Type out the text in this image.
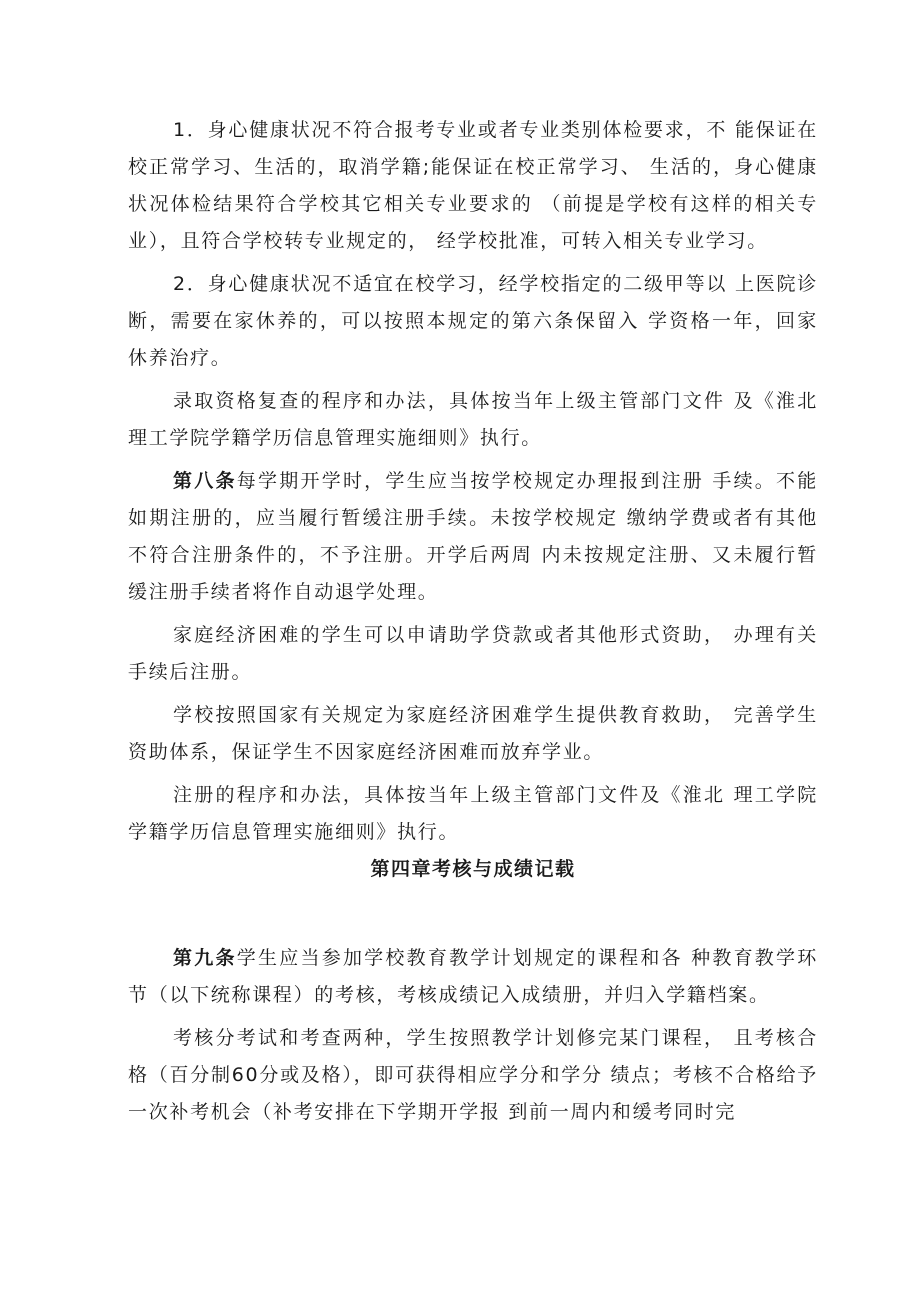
1．身心健康状况不符合报考专业或者专业类别体检要求，不 能保证在校正常学习、生活的，取消学籍;能保证在校正常学习、 生活的，身心健康状况体检结果符合学校其它相关专业要求的 （前提是学校有这样的相关专业），且符合学校转专业规定的， 经学校批准，可转入相关专业学习。

2．身心健康状况不适宜在校学习，经学校指定的二级甲等以 上医院诊断，需要在家休养的，可以按照本规定的第六条保留入 学资格一年，回家休养治疗。

录取资格复查的程序和办法，具体按当年上级主管部门文件 及《淮北理工学院学籍学历信息管理实施细则》执行。

第八条每学期开学时，学生应当按学校规定办理报到注册 手续。不能如期注册的，应当履行暂缓注册手续。未按学校规定 缴纳学费或者有其他不符合注册条件的，不予注册。开学后两周 内未按规定注册、又未履行暂缓注册手续者将作自动退学处理。

家庭经济困难的学生可以申请助学贷款或者其他形式资助， 办理有关手续后注册。

学校按照国家有关规定为家庭经济困难学生提供教育救助， 完善学生资助体系，保证学生不因家庭经济困难而放弃学业。

注册的程序和办法，具体按当年上级主管部门文件及《淮北 理工学院学籍学历信息管理实施细则》执行。

第四章考核与成绩记载

第九条学生应当参加学校教育教学计划规定的课程和各 种教育教学环节（以下统称课程）的考核，考核成绩记入成绩册，并归入学籍档案。

考核分考试和考查两种，学生按照教学计划修完某门课程， 且考核合格（百分制60分或及格），即可获得相应学分和学分 绩点；考核不合格给予一次补考机会（补考安排在下学期开学报 到前一周内和缓考同时完
